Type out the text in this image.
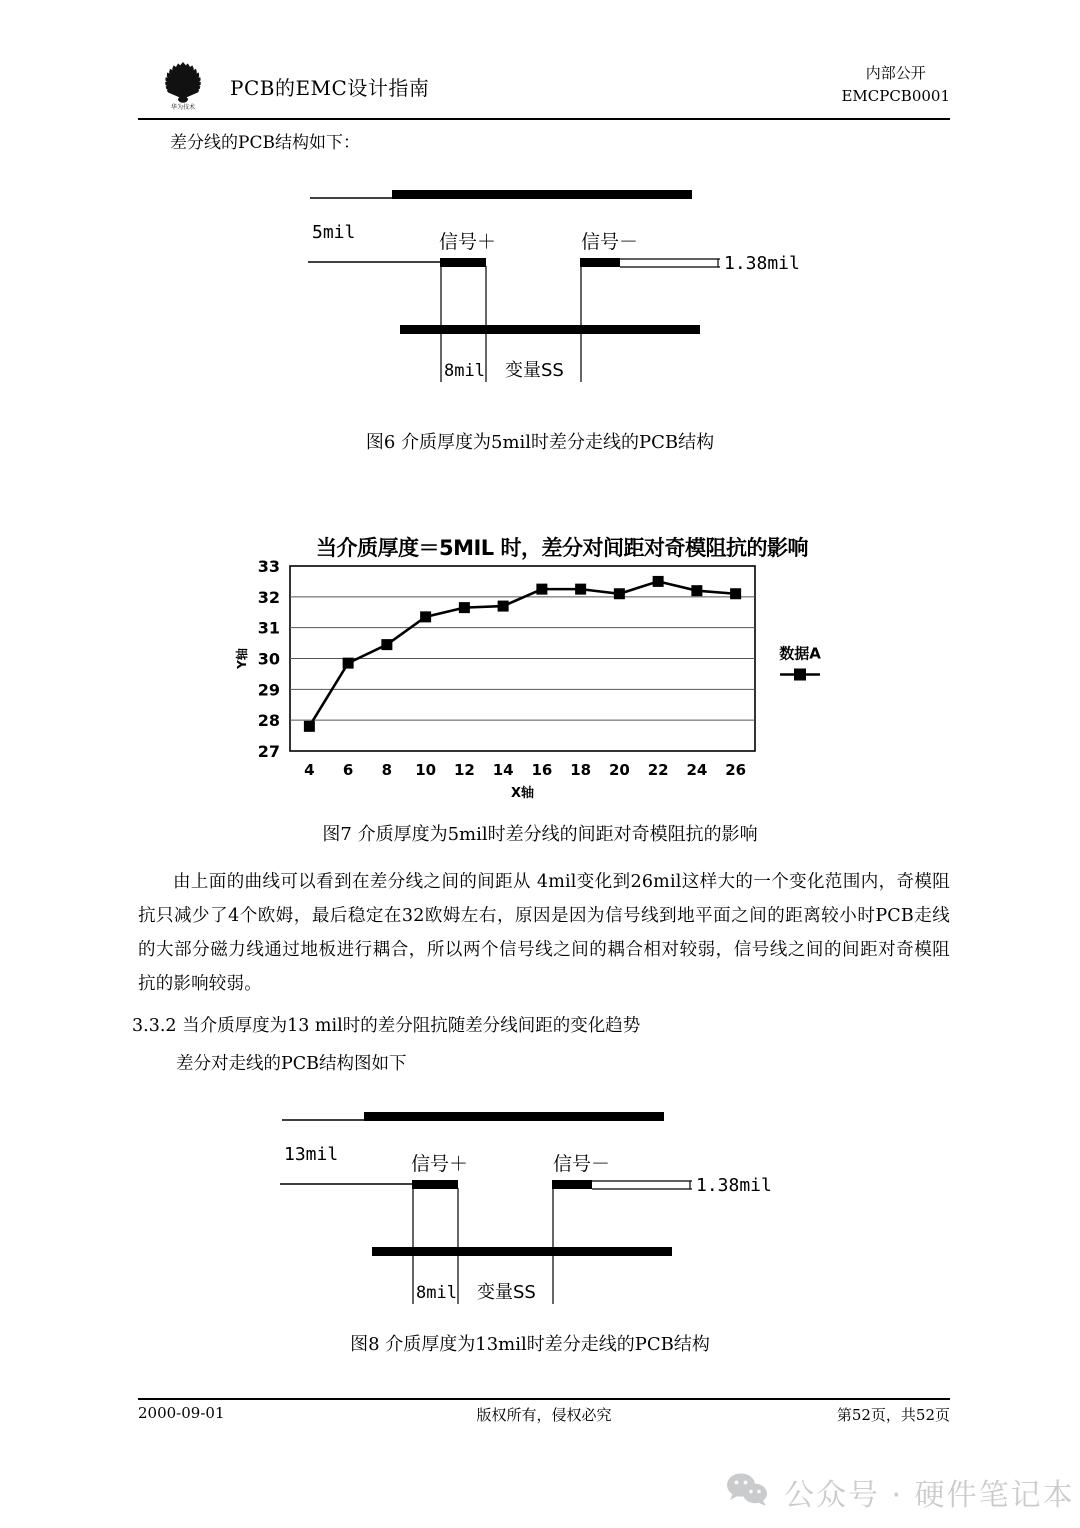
华为技术
PCB的EMC设计指南
内部公开
EMCPCB0001
差分线的PCB结构如下：
5mil	信号＋	信号－
1.38mil
8mil 变量SS
图6 介质厚度为5mil时差分走线的PCB结构
当介质厚度＝5MIL 时，差分对间距对奇模阻抗的影响
27
28
29
30
31
32
33
4 6 8 10 12 14 16 18 20 22 24 26
X轴
Y轴	数据A
图7 介质厚度为5mil时差分线的间距对奇模阻抗的影响
由上面的曲线可以看到在差分线之间的间距从 4mil变化到26mil这样大的一个变化范围内，奇模阻抗只减少了4个欧姆，最后稳定在32欧姆左右，原因是因为信号线到地平面之间的距离较小时PCB走线的大部分磁力线通过地板进行耦合，所以两个信号线之间的耦合相对较弱，信号线之间的间距对奇模阻抗的影响较弱。
3.3.2 当介质厚度为13 mil时的差分阻抗随差分线间距的变化趋势
差分对走线的PCB结构图如下
13mil	信号＋	信号－
1.38mil
8mil 变量SS
图8 介质厚度为13mil时差分走线的PCB结构
2000-09-01	版权所有，侵权必究	第52页，共52页
公众号 · 硬件笔记本
